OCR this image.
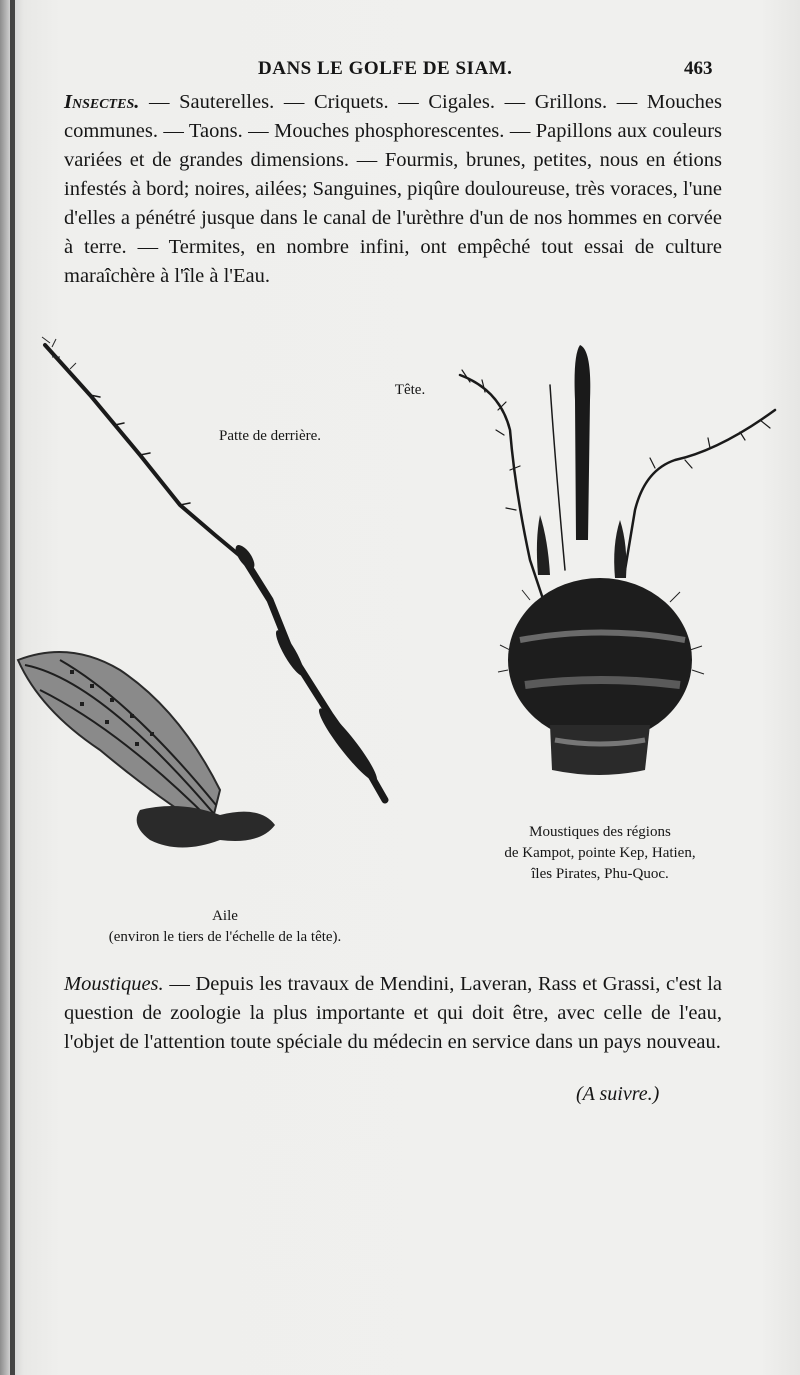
DANS LE GOLFE DE SIAM.	463
Insectes. — Sauterelles. — Criquets. — Cigales. — Grillons. — Mouches communes. — Taons. — Mouches phosphorescentes. — Papillons aux couleurs variées et de grandes dimensions. — Fourmis, brunes, petites, nous en étions infestés à bord; noires, ailées; Sanguines, piqûre douloureuse, très voraces, l'une d'elles a pénétré jusque dans le canal de l'urèthre d'un de nos hommes en corvée à terre. — Termites, en nombre infini, ont empêché tout essai de culture maraîchère à l'île à l'Eau.
Patte de derrière.
Tête.
Moustiques des régions
de Kampot, pointe Kep, Hatien,
îles Pirates, Phu-Quoc.
Aile
(environ le tiers de l'échelle de la tête).
Moustiques. — Depuis les travaux de Mendini, Laveran, Rass et Grassi, c'est la question de zoologie la plus importante et qui doit être, avec celle de l'eau, l'objet de l'attention toute spéciale du médecin en service dans un pays nouveau.
(A suivre.)
